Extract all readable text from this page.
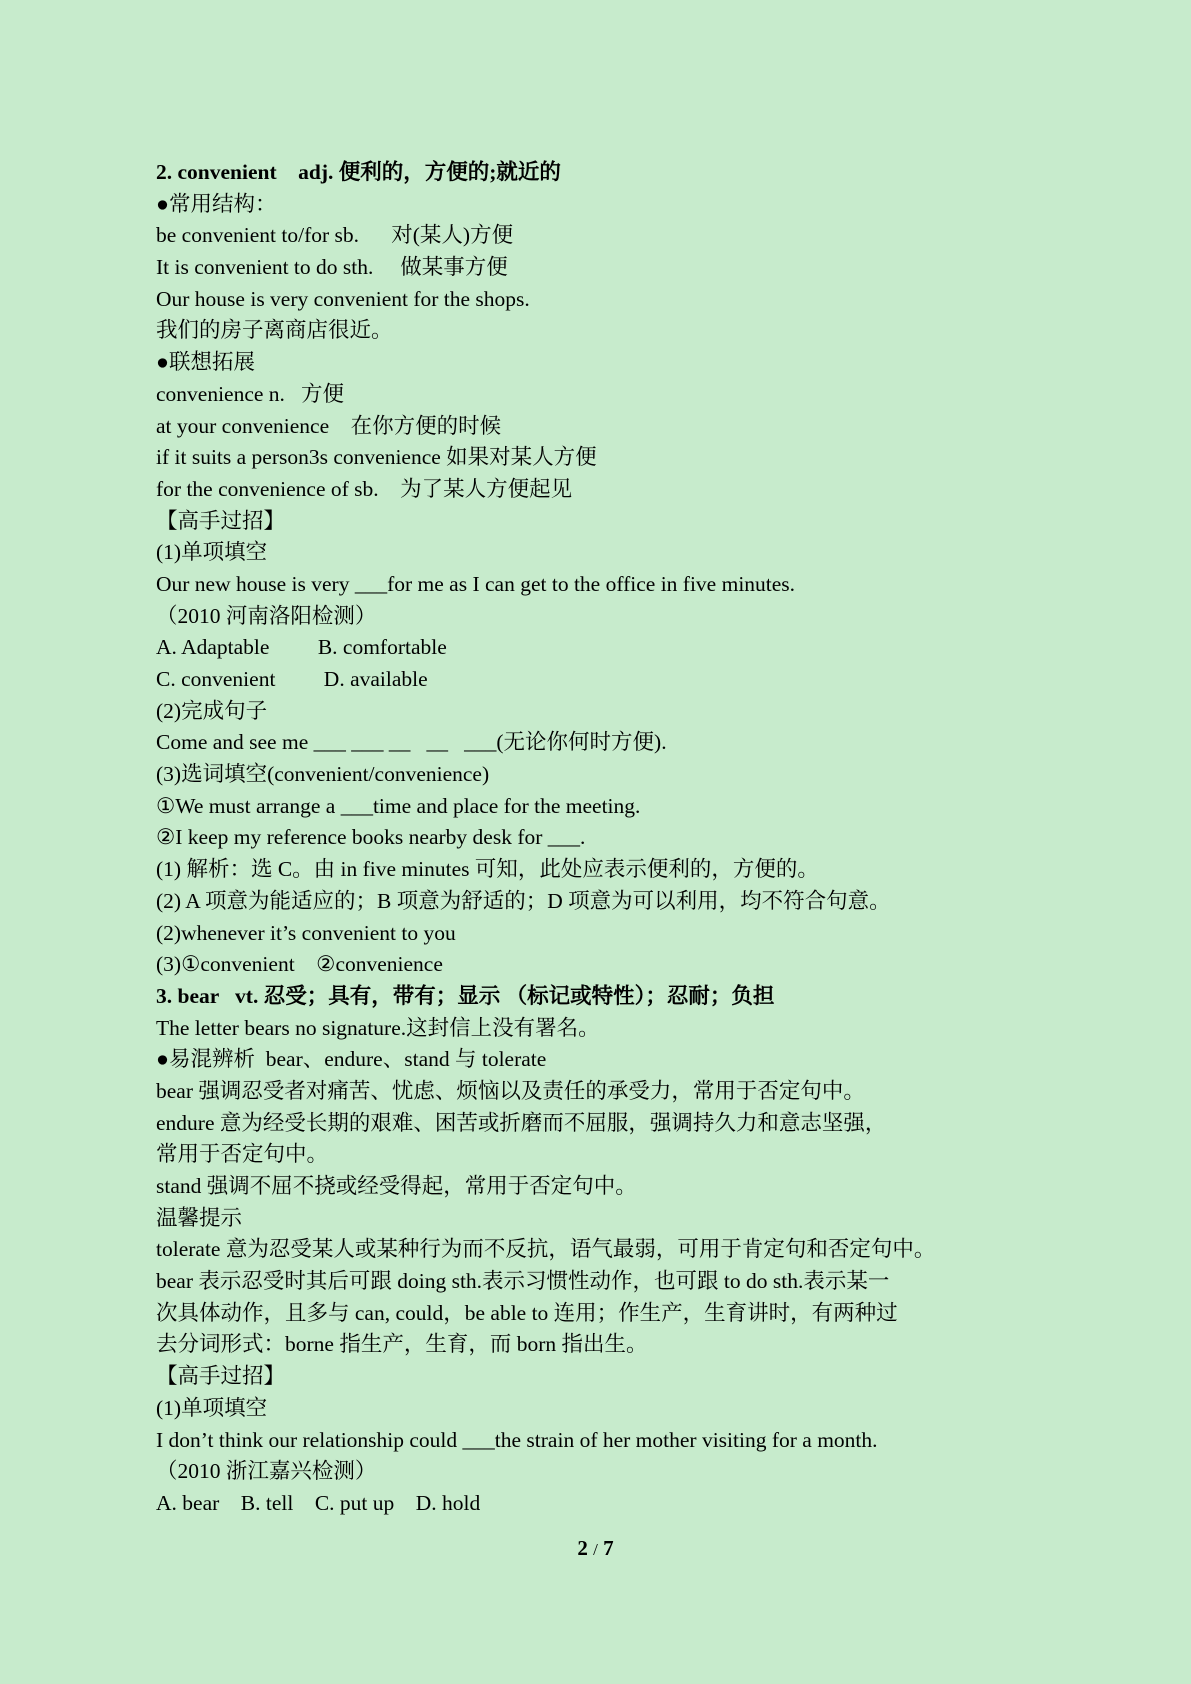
2. convenient    adj. 便利的，方便的;就近的
●常用结构：
be convenient to/for sb.      对(某人)方便
It is convenient to do sth.     做某事方便
Our house is very convenient for the shops.
我们的房子离商店很近。
●联想拓展
convenience n.   方便
at your convenience    在你方便的时候
if it suits a person3s convenience 如果对某人方便
for the convenience of sb.    为了某人方便起见
【高手过招】
(1)单项填空
Our new house is very ___for me as I can get to the office in five minutes.
（2010 河南洛阳检测）
A. Adaptable         B. comfortable
C. convenient         D. available
(2)完成句子
Come and see me ___ ___ __   __   ___(无论你何时方便).
(3)选词填空(convenient/convenience)
①We must arrange a ___time and place for the meeting.
②I keep my reference books nearby desk for ___.
(1) 解析：选 C。由 in five minutes 可知，此处应表示便利的，方便的。
(2) A 项意为能适应的；B 项意为舒适的；D 项意为可以利用，均不符合句意。
(2)whenever it’s convenient to you
(3)①convenient    ②convenience
3. bear   vt. 忍受；具有，带有；显示 （标记或特性）；忍耐；负担
The letter bears no signature.这封信上没有署名。
●易混辨析  bear、endure、stand 与 tolerate
bear 强调忍受者对痛苦、忧虑、烦恼以及责任的承受力，常用于否定句中。
endure 意为经受长期的艰难、困苦或折磨而不屈服，强调持久力和意志坚强，
常用于否定句中。
stand 强调不屈不挠或经受得起，常用于否定句中。
温馨提示
tolerate 意为忍受某人或某种行为而不反抗，语气最弱，可用于肯定句和否定句中。
bear 表示忍受时其后可跟 doing sth.表示习惯性动作，也可跟 to do sth.表示某一
次具体动作，且多与 can, could，be able to 连用；作生产，生育讲时，有两种过
去分词形式：borne 指生产，生育，而 born 指出生。
【高手过招】
(1)单项填空
I don’t think our relationship could ___the strain of her mother visiting for a month.
（2010 浙江嘉兴检测）
A. bear    B. tell    C. put up    D. hold
2 / 7
